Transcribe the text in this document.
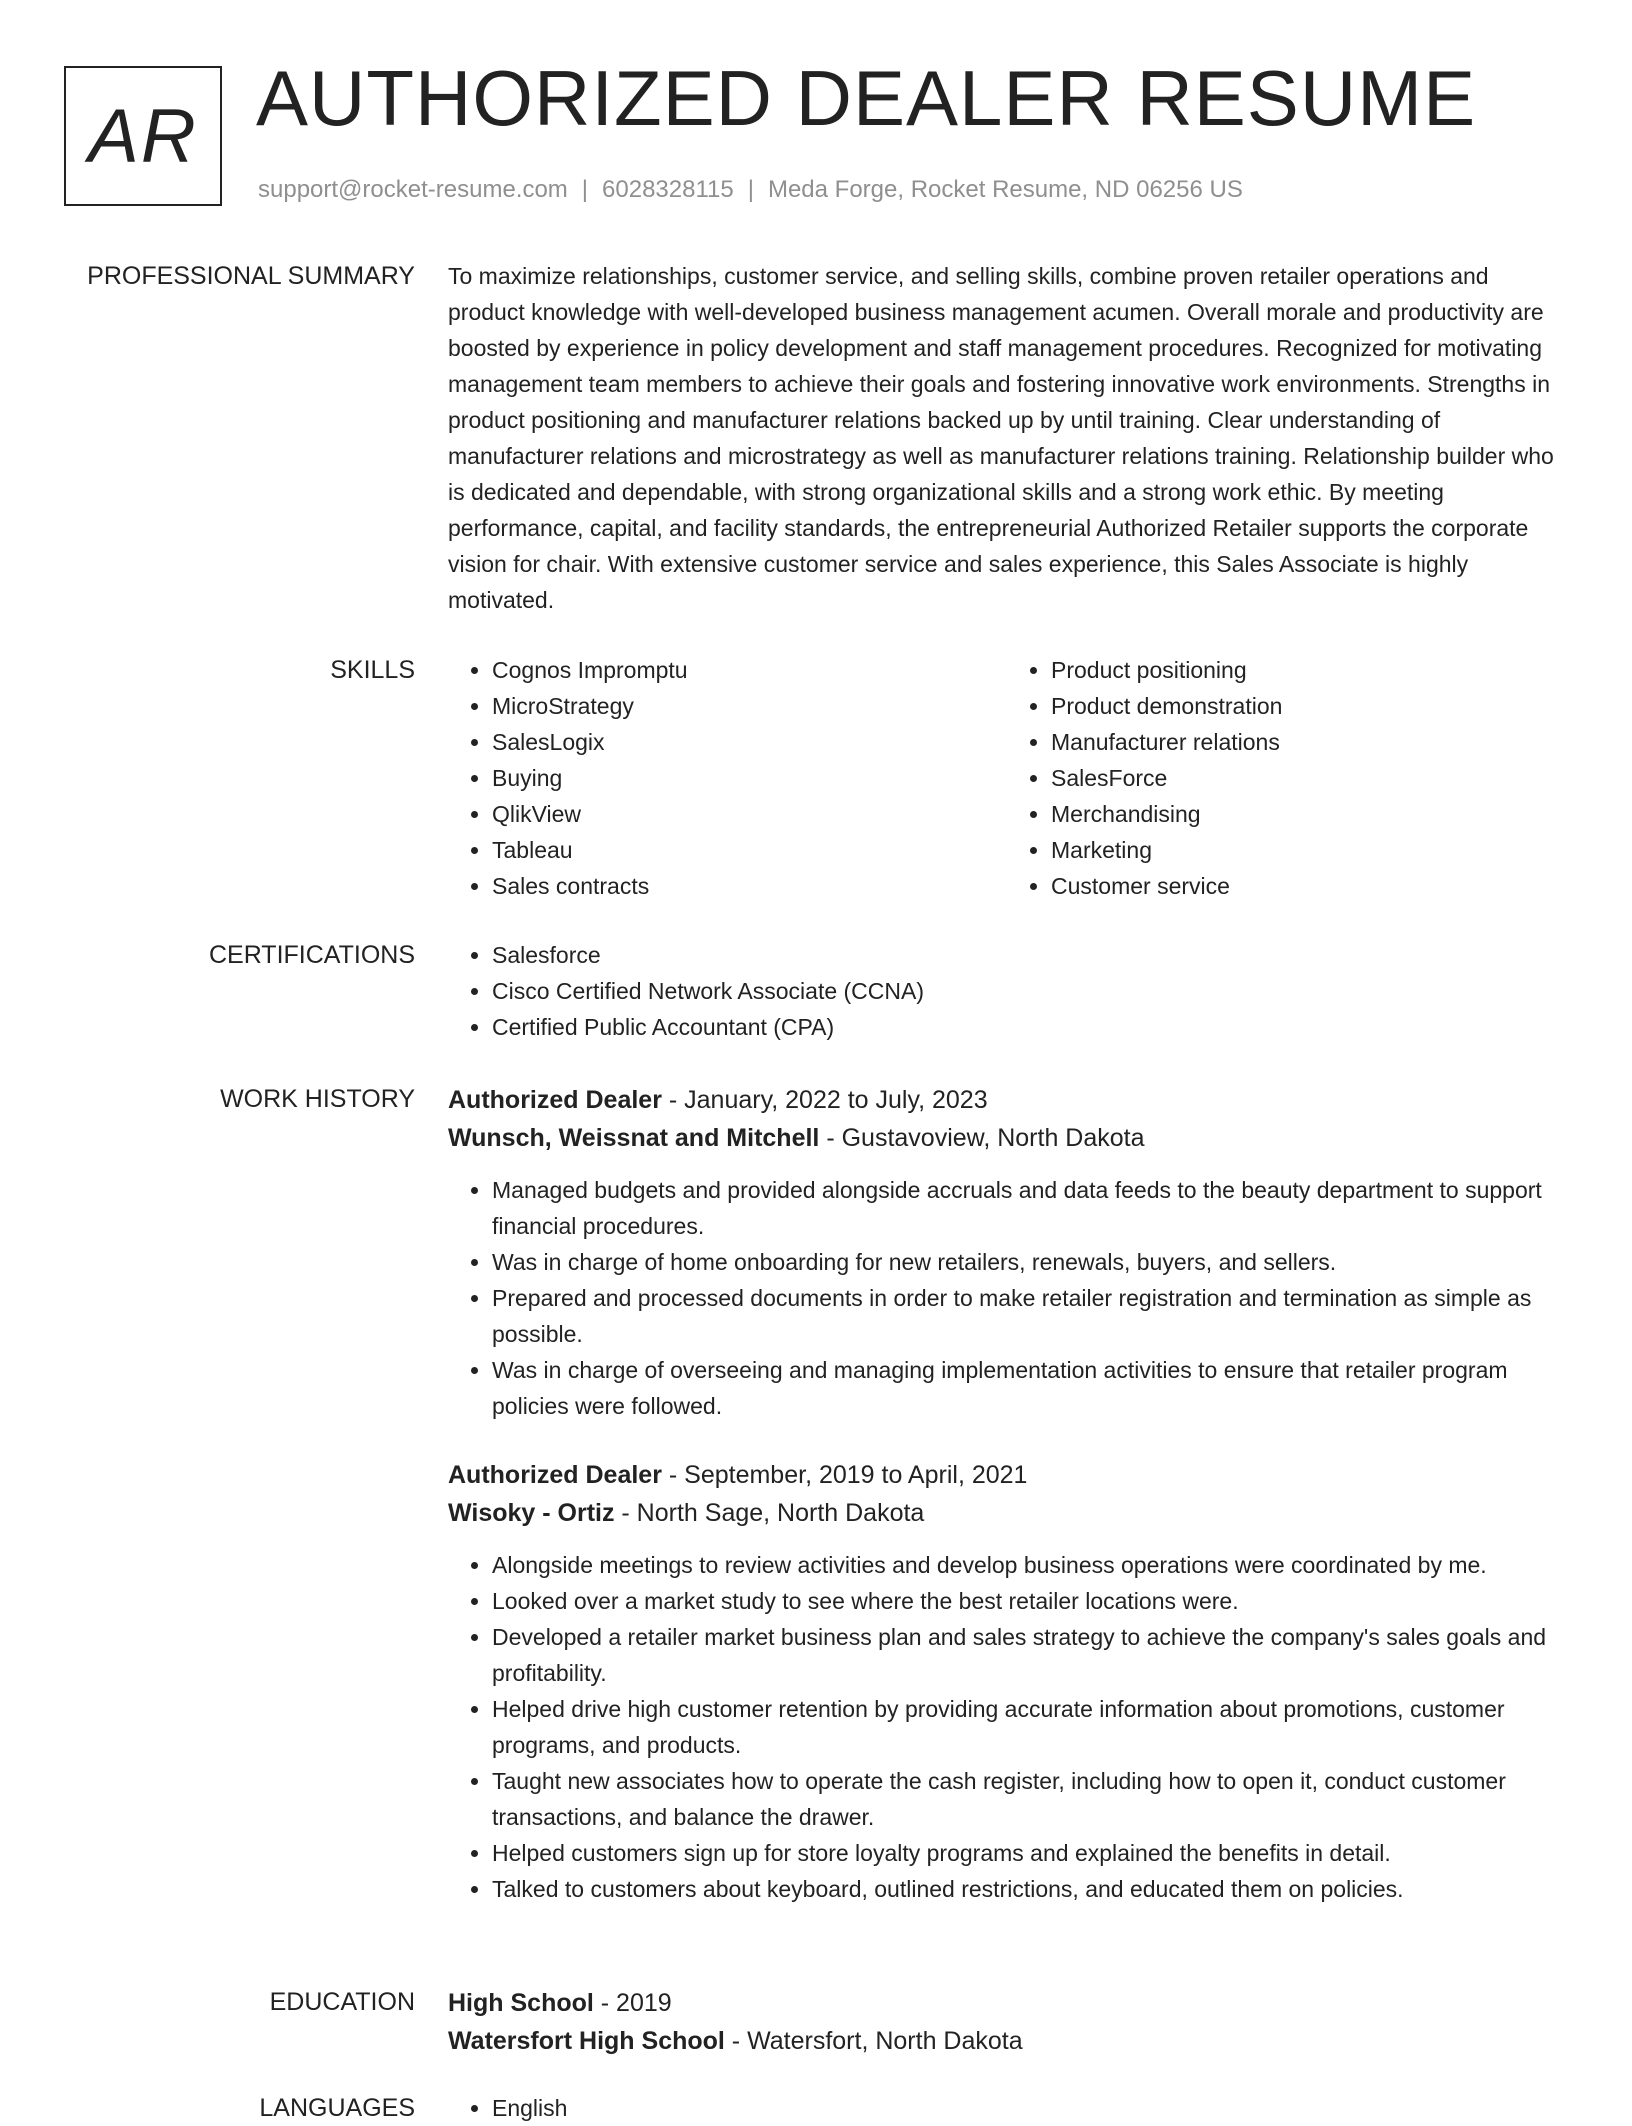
AR AUTHORIZED DEALER RESUME
support@rocket-resume.com | 6028328115 | Meda Forge, Rocket Resume, ND 06256 US
PROFESSIONAL SUMMARY To maximize relationships, customer service, and selling skills, combine proven retailer operations and product knowledge with well-developed business management acumen. Overall morale and productivity are boosted by experience in policy development and staff management procedures. Recognized for motivating management team members to achieve their goals and fostering innovative work environments. Strengths in product positioning and manufacturer relations backed up by until training. Clear understanding of manufacturer relations and microstrategy as well as manufacturer relations training. Relationship builder who is dedicated and dependable, with strong organizational skills and a strong work ethic. By meeting performance, capital, and facility standards, the entrepreneurial Authorized Retailer supports the corporate vision for chair. With extensive customer service and sales experience, this Sales Associate is highly motivated.

SKILLS	• Cognos Impromptu
• MicroStrategy
• SalesLogix
• Buying
• QlikView
• Tableau
• Sales contracts
• Product positioning
• Product demonstration
• Manufacturer relations
• SalesForce
• Merchandising
• Marketing
• Customer service
CERTIFICATIONS	• Salesforce
• Cisco Certified Network Associate (CCNA)
• Certified Public Accountant (CPA)
WORK HISTORY Authorized Dealer - January, 2022 to July, 2023
Wunsch, Weissnat and Mitchell - Gustavoview, North Dakota
• Managed budgets and provided alongside accruals and data feeds to the beauty department to support financial procedures.
• Was in charge of home onboarding for new retailers, renewals, buyers, and sellers.
• Prepared and processed documents in order to make retailer registration and termination as simple as possible.
• Was in charge of overseeing and managing implementation activities to ensure that retailer program policies were followed.
Authorized Dealer - September, 2019 to April, 2021
Wisoky - Ortiz - North Sage, North Dakota
• Alongside meetings to review activities and develop business operations were coordinated by me.
• Looked over a market study to see where the best retailer locations were.
• Developed a retailer market business plan and sales strategy to achieve the company's sales goals and profitability.
• Helped drive high customer retention by providing accurate information about promotions, customer programs, and products.
• Taught new associates how to operate the cash register, including how to open it, conduct customer transactions, and balance the drawer.
• Helped customers sign up for store loyalty programs and explained the benefits in detail.
• Talked to customers about keyboard, outlined restrictions, and educated them on policies.
EDUCATION High School - 2019
Watersfort High School - Watersfort, North Dakota
LANGUAGES	• English
